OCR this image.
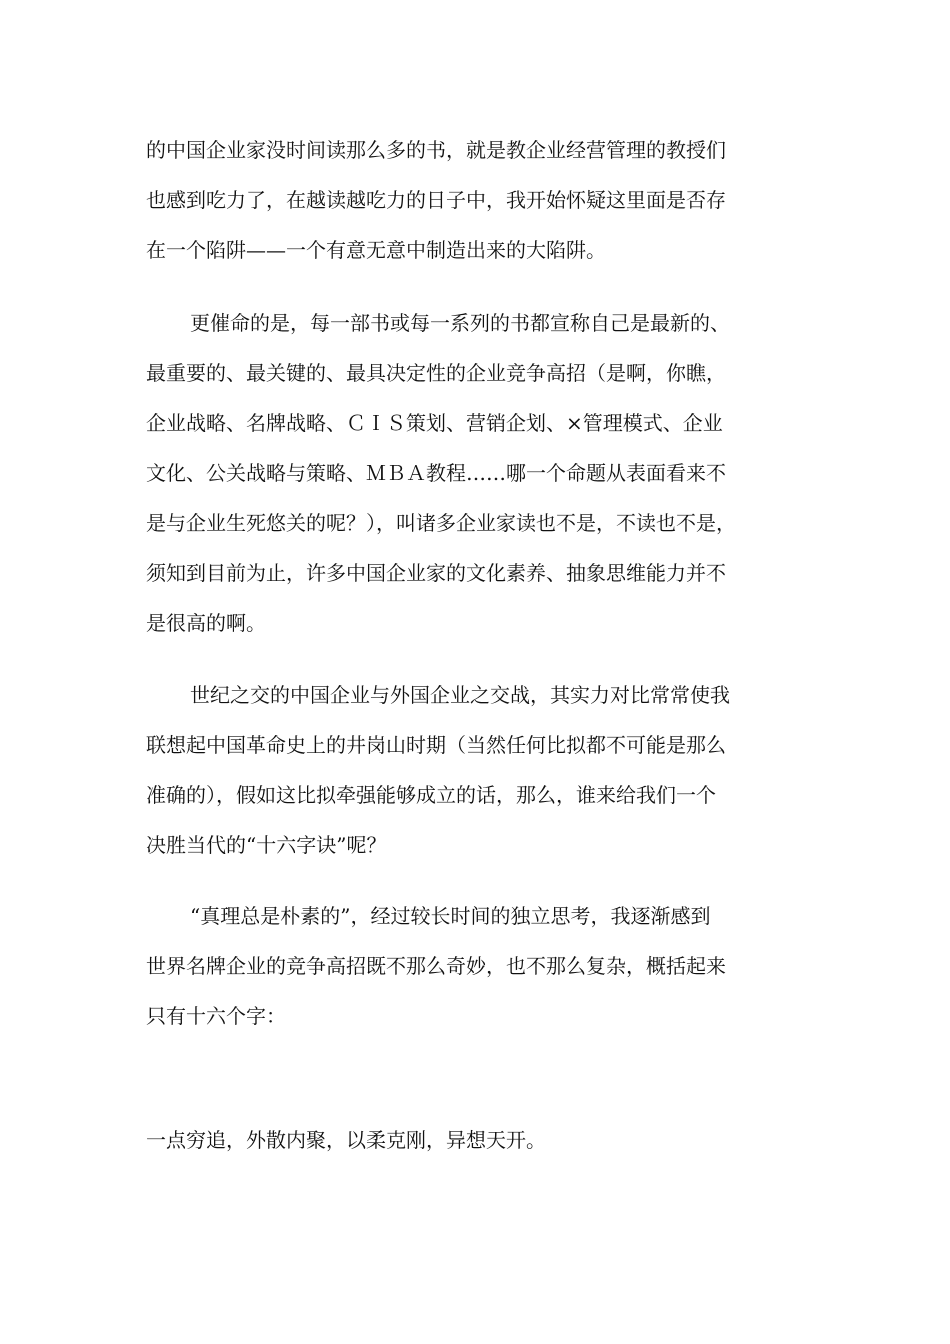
的中国企业家没时间读那么多的书，就是教企业经营管理的教授们
也感到吃力了，在越读越吃力的日子中，我开始怀疑这里面是否存
在一个陷阱——一个有意无意中制造出来的大陷阱。
更催命的是，每一部书或每一系列的书都宣称自己是最新的、
最重要的、最关键的、最具决定性的企业竞争高招（是啊，你瞧，
企业战略、名牌战略、ＣＩＳ策划、营销企划、×管理模式、企业
文化、公关战略与策略、ＭＢＡ教程……哪一个命题从表面看来不
是与企业生死悠关的呢？），叫诸多企业家读也不是，不读也不是，
须知到目前为止，许多中国企业家的文化素养、抽象思维能力并不
是很高的啊。
世纪之交的中国企业与外国企业之交战，其实力对比常常使我
联想起中国革命史上的井岗山时期（当然任何比拟都不可能是那么
准确的），假如这比拟牵强能够成立的话，那么，谁来给我们一个
决胜当代的“十六字诀”呢？
“真理总是朴素的”，经过较长时间的独立思考，我逐渐感到
世界名牌企业的竞争高招既不那么奇妙，也不那么复杂，概括起来
只有十六个字：
一点穷追，外散内聚，以柔克刚，异想天开。
